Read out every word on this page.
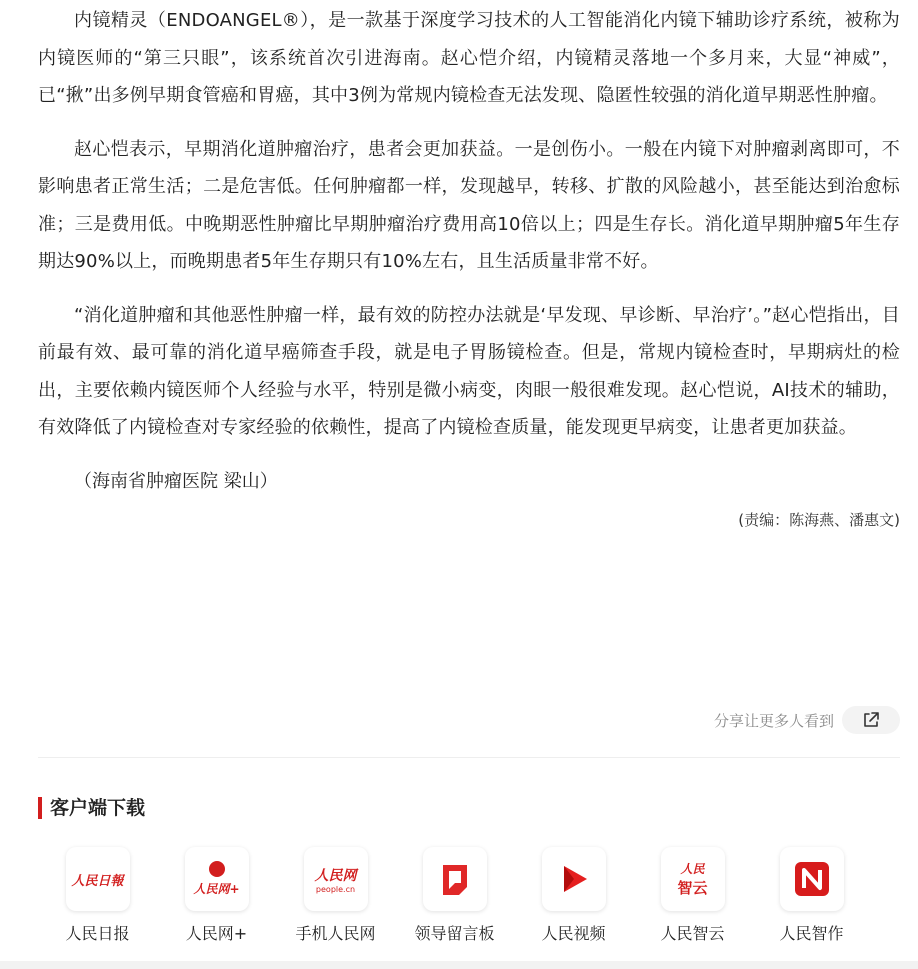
内镜精灵（ENDOANGEL®），是一款基于深度学习技术的人工智能消化内镜下辅助诊疗系统，被称为内镜医师的“第三只眼”，该系统首次引进海南。赵心恺介绍，内镜精灵落地一个多月来，大显“神威”，已“揪”出多例早期食管癌和胃癌，其中3例为常规内镜检查无法发现、隐匿性较强的消化道早期恶性肿瘤。

赵心恺表示，早期消化道肿瘤治疗，患者会更加获益。一是创伤小。一般在内镜下对肿瘤剥离即可，不影响患者正常生活；二是危害低。任何肿瘤都一样，发现越早，转移、扩散的风险越小，甚至能达到治愈标准；三是费用低。中晚期恶性肿瘤比早期肿瘤治疗费用高10倍以上；四是生存长。消化道早期肿瘤5年生存期达90%以上，而晚期患者5年生存期只有10%左右，且生活质量非常不好。

“消化道肿瘤和其他恶性肿瘤一样，最有效的防控办法就是‘早发现、早诊断、早治疗’。”赵心恺指出，目前最有效、最可靠的消化道早癌筛查手段，就是电子胃肠镜检查。但是，常规内镜检查时，早期病灶的检出，主要依赖内镜医师个人经验与水平，特别是微小病变，肉眼一般很难发现。赵心恺说，AI技术的辅助，有效降低了内镜检查对专家经验的依赖性，提高了内镜检查质量，能发现更早病变，让患者更加获益。

（海南省肿瘤医院 梁山）

(责编：陈海燕、潘惠文)

分享让更多人看到
客户端下载
人民日報
人民日报
人民网+
人民网+
人民网
people.cn
手机人民网 领导留言板	人民视频
人民
智云
人民智云	人民智作
